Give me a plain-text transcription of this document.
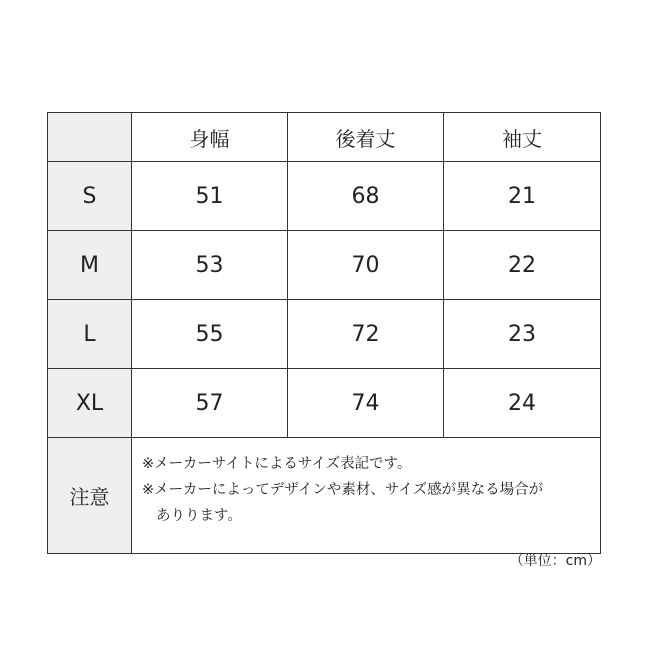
	身幅	後着丈	袖丈
S	51	68	21
M	53	70	22
L	55	72	23
XL	57	74	24
注意	※メーカーサイトによるサイズ表記です。
※メーカーによってデザインや素材、サイズ感が異なる場合が
ありります。		
（単位：cm）
